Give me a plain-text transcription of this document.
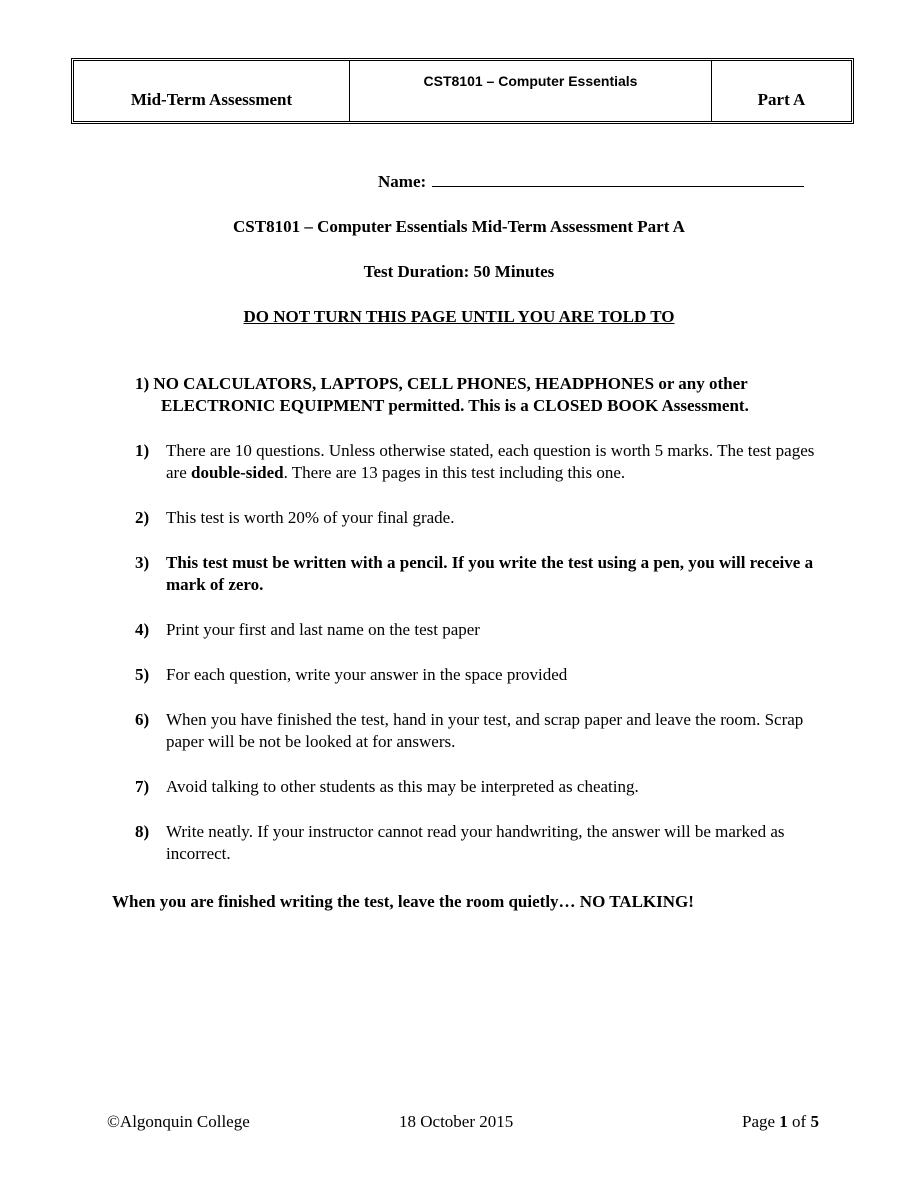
Mid-Term Assessment
CST8101 – Computer Essentials
Part A
Name:
CST8101 – Computer Essentials Mid-Term Assessment Part A
Test Duration: 50 Minutes
DO NOT TURN THIS PAGE UNTIL YOU ARE TOLD TO
1) NO CALCULATORS, LAPTOPS, CELL PHONES, HEADPHONES or any other
ELECTRONIC EQUIPMENT permitted. This is a CLOSED BOOK Assessment.
1) There are 10 questions. Unless otherwise stated, each question is worth 5 marks. The test pages are double-sided. There are 13 pages in this test including this one.
2) This test is worth 20% of your final grade.
3) This test must be written with a pencil. If you write the test using a pen, you will receive a mark of zero.
4) Print your first and last name on the test paper
5) For each question, write your answer in the space provided
6) When you have finished the test, hand in your test, and scrap paper and leave the room. Scrap paper will be not be looked at for answers.
7) Avoid talking to other students as this may be interpreted as cheating.
8) Write neatly. If your instructor cannot read your handwriting, the answer will be marked as incorrect.
When you are finished writing the test, leave the room quietly… NO TALKING!
©Algonquin College	18 October 2015	Page 1 of 5
